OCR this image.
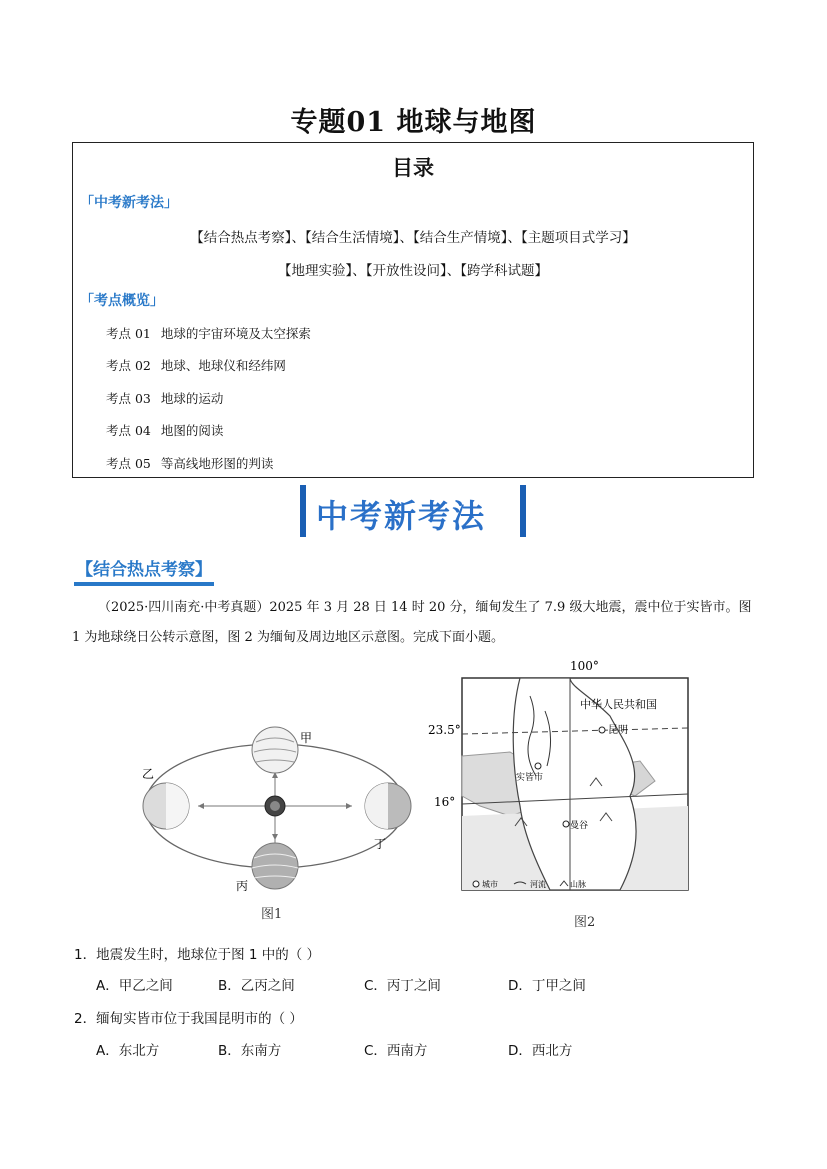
专题01 地球与地图
目录
「中考新考法」
【结合热点考察】、【结合生活情境】、【结合生产情境】、【主题项目式学习】
【地理实验】、【开放性设问】、【跨学科试题】
「考点概览」
考点 01 地球的宇宙环境及太空探索
考点 02 地球、地球仪和经纬网
考点 03 地球的运动
考点 04 地图的阅读
考点 05 等高线地形图的判读
中考新考法
【结合热点考察】
（2025·四川南充·中考真题）2025 年 3 月 28 日 14 时 20 分，缅甸发生了 7.9 级大地震，震中位于实皆市。图 1 为地球绕日公转示意图，图 2 为缅甸及周边地区示意图。完成下面小题。
甲
乙
丙
丁
图1
100°
中华人民共和国
昆明
实皆市
曼谷
23.5°
16°
城市	河流	山脉
图2
1．地震发生时，地球位于图 1 中的（ ）
A．甲乙之间	B．乙丙之间	C．丙丁之间	D．丁甲之间
2．缅甸实皆市位于我国昆明市的（ ）
A．东北方	B．东南方	C．西南方	D．西北方
